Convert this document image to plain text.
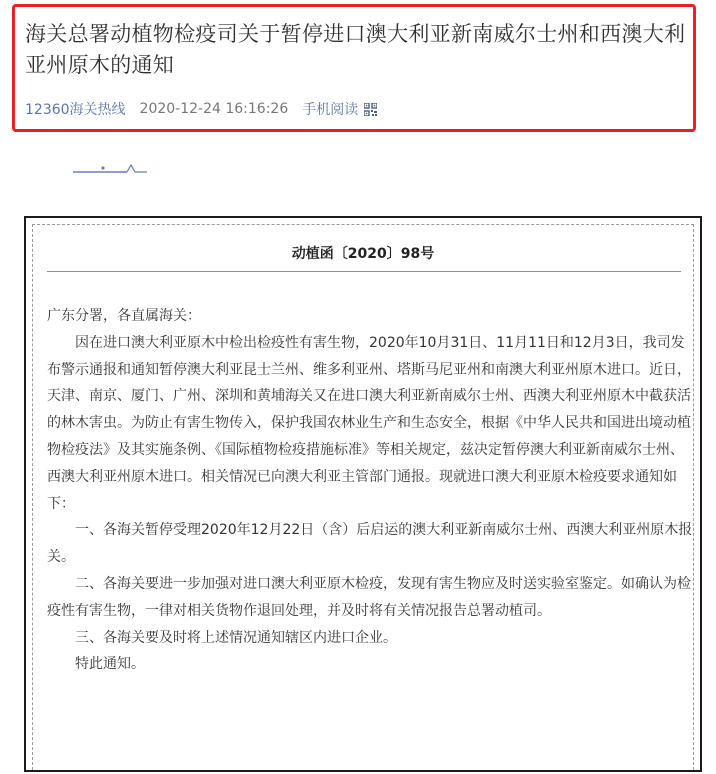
海关总署动植物检疫司关于暂停进口澳大利亚新南威尔士州和西澳大利亚州原木的通知
12360海关热线 2020-12-24 16:16:26 手机阅读
动植函〔2020〕98号

广东分署，各直属海关：

因在进口澳大利亚原木中检出检疫性有害生物，2020年10月31日、11月11日和12月3日，我司发布警示通报和通知暂停澳大利亚昆士兰州、维多利亚州、塔斯马尼亚州和南澳大利亚州原木进口。近日，天津、南京、厦门、广州、深圳和黄埔海关又在进口澳大利亚新南威尔士州、西澳大利亚州原木中截获活的林木害虫。为防止有害生物传入，保护我国农林业生产和生态安全，根据《中华人民共和国进出境动植物检疫法》及其实施条例、《国际植物检疫措施标准》等相关规定，兹决定暂停澳大利亚新南威尔士州、西澳大利亚州原木进口。相关情况已向澳大利亚主管部门通报。现就进口澳大利亚原木检疫要求通知如下：

一、各海关暂停受理2020年12月22日（含）后启运的澳大利亚新南威尔士州、西澳大利亚州原木报关。

二、各海关要进一步加强对进口澳大利亚原木检疫，发现有害生物应及时送实验室鉴定。如确认为检疫性有害生物，一律对相关货物作退回处理，并及时将有关情况报告总署动植司。

三、各海关要及时将上述情况通知辖区内进口企业。

特此通知。
